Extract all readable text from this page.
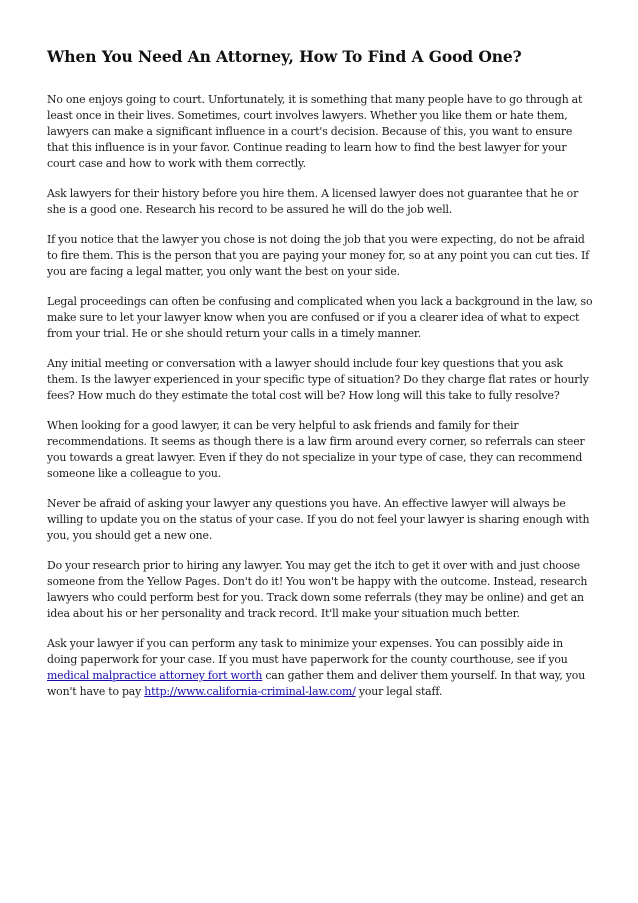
When You Need An Attorney, How To Find A Good One?

No one enjoys going to court. Unfortunately, it is something that many people have to go through at least once in their lives. Sometimes, court involves lawyers. Whether you like them or hate them, lawyers can make a significant influence in a court's decision. Because of this, you want to ensure that this influence is in your favor. Continue reading to learn how to find the best lawyer for your court case and how to work with them correctly.

Ask lawyers for their history before you hire them. A licensed lawyer does not guarantee that he or she is a good one. Research his record to be assured he will do the job well.

If you notice that the lawyer you chose is not doing the job that you were expecting, do not be afraid to fire them. This is the person that you are paying your money for, so at any point you can cut ties. If you are facing a legal matter, you only want the best on your side.

Legal proceedings can often be confusing and complicated when you lack a background in the law, so make sure to let your lawyer know when you are confused or if you a clearer idea of what to expect from your trial. He or she should return your calls in a timely manner.

Any initial meeting or conversation with a lawyer should include four key questions that you ask them. Is the lawyer experienced in your specific type of situation? Do they charge flat rates or hourly fees? How much do they estimate the total cost will be? How long will this take to fully resolve?

When looking for a good lawyer, it can be very helpful to ask friends and family for their recommendations. It seems as though there is a law firm around every corner, so referrals can steer you towards a great lawyer. Even if they do not specialize in your type of case, they can recommend someone like a colleague to you.

Never be afraid of asking your lawyer any questions you have. An effective lawyer will always be willing to update you on the status of your case. If you do not feel your lawyer is sharing enough with you, you should get a new one.

Do your research prior to hiring any lawyer. You may get the itch to get it over with and just choose someone from the Yellow Pages. Don't do it! You won't be happy with the outcome. Instead, research lawyers who could perform best for you. Track down some referrals (they may be online) and get an idea about his or her personality and track record. It'll make your situation much better.

Ask your lawyer if you can perform any task to minimize your expenses. You can possibly aide in doing paperwork for your case. If you must have paperwork for the county courthouse, see if you medical malpractice attorney fort worth can gather them and deliver them yourself. In that way, you won't have to pay http://www.california-criminal-law.com/ your legal staff.
